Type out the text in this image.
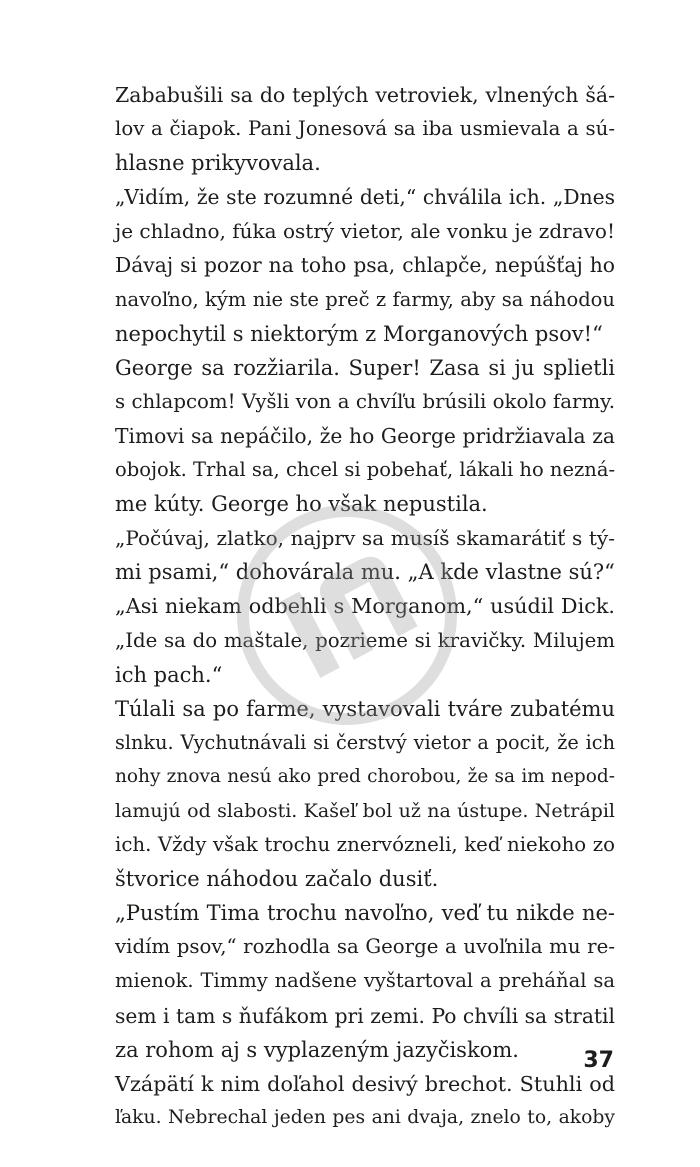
Zababušili sa do teplých vetroviek, vlnených šá-
lov a čiapok. Pani Jonesová sa iba usmievala a sú-
hlasne prikyvovala.
„Vidím, že ste rozumné deti,“ chválila ich. „Dnes
je chladno, fúka ostrý vietor, ale vonku je zdravo!
Dávaj si pozor na toho psa, chlapče, nepúšťaj ho
navoľno, kým nie ste preč z farmy, aby sa náhodou
nepochytil s niektorým z Morganových psov!“
George sa rozžiarila. Super! Zasa si ju splietli
s chlapcom! Vyšli von a chvíľu brúsili okolo farmy.
Timovi sa nepáčilo, že ho George pridržiavala za
obojok. Trhal sa, chcel si pobehať, lákali ho nezná-
me kúty. George ho však nepustila.
„Počúvaj, zlatko, najprv sa musíš skamarátiť s tý-
mi psami,“ dohovárala mu. „A kde vlastne sú?“
„Asi niekam odbehli s Morganom,“ usúdil Dick.
„Ide sa do maštale, pozrieme si kravičky. Milujem
ich pach.“
Túlali sa po farme, vystavovali tváre zubatému
slnku. Vychutnávali si čerstvý vietor a pocit, že ich
nohy znova nesú ako pred chorobou, že sa im nepod-
lamujú od slabosti. Kašeľ bol už na ústupe. Netrápil
ich. Vždy však trochu znervózneli, keď niekoho zo
štvorice náhodou začalo dusiť.
„Pustím Tima trochu navoľno, veď tu nikde ne-
vidím psov,“ rozhodla sa George a uvoľnila mu re-
mienok. Timmy nadšene vyštartoval a preháňal sa
sem i tam s ňufákom pri zemi. Po chvíli sa stratil
za rohom aj s vyplazeným jazyčiskom.
Vzápätí k nim doľahol desivý brechot. Stuhli od
ľaku. Nebrechal jeden pes ani dvaja, znelo to, akoby
37
